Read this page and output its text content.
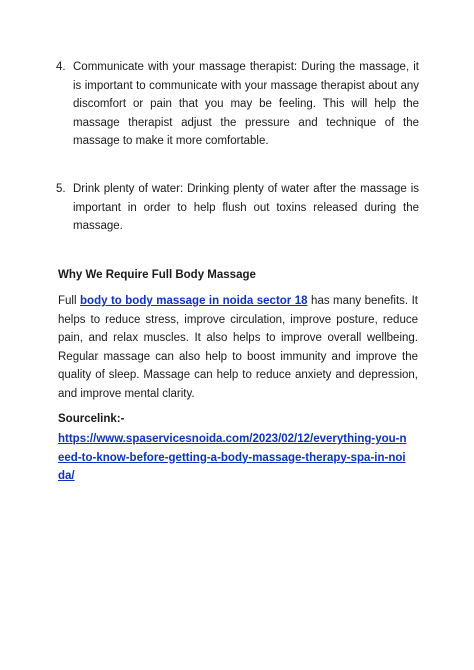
4. Communicate with your massage therapist: During the massage, it is important to communicate with your massage therapist about any discomfort or pain that you may be feeling. This will help the massage therapist adjust the pressure and technique of the massage to make it more comfortable.
5. Drink plenty of water: Drinking plenty of water after the massage is important in order to help flush out toxins released during the massage.
Why We Require Full Body Massage
Full body to body massage in noida sector 18 has many benefits. It helps to reduce stress, improve circulation, improve posture, reduce pain, and relax muscles. It also helps to improve overall wellbeing. Regular massage can also help to boost immunity and improve the quality of sleep. Massage can help to reduce anxiety and depression, and improve mental clarity.
Sourcelink:-
https://www.spaservicesnoida.com/2023/02/12/everything-you-need-to-know-before-getting-a-body-massage-therapy-spa-in-noida/
